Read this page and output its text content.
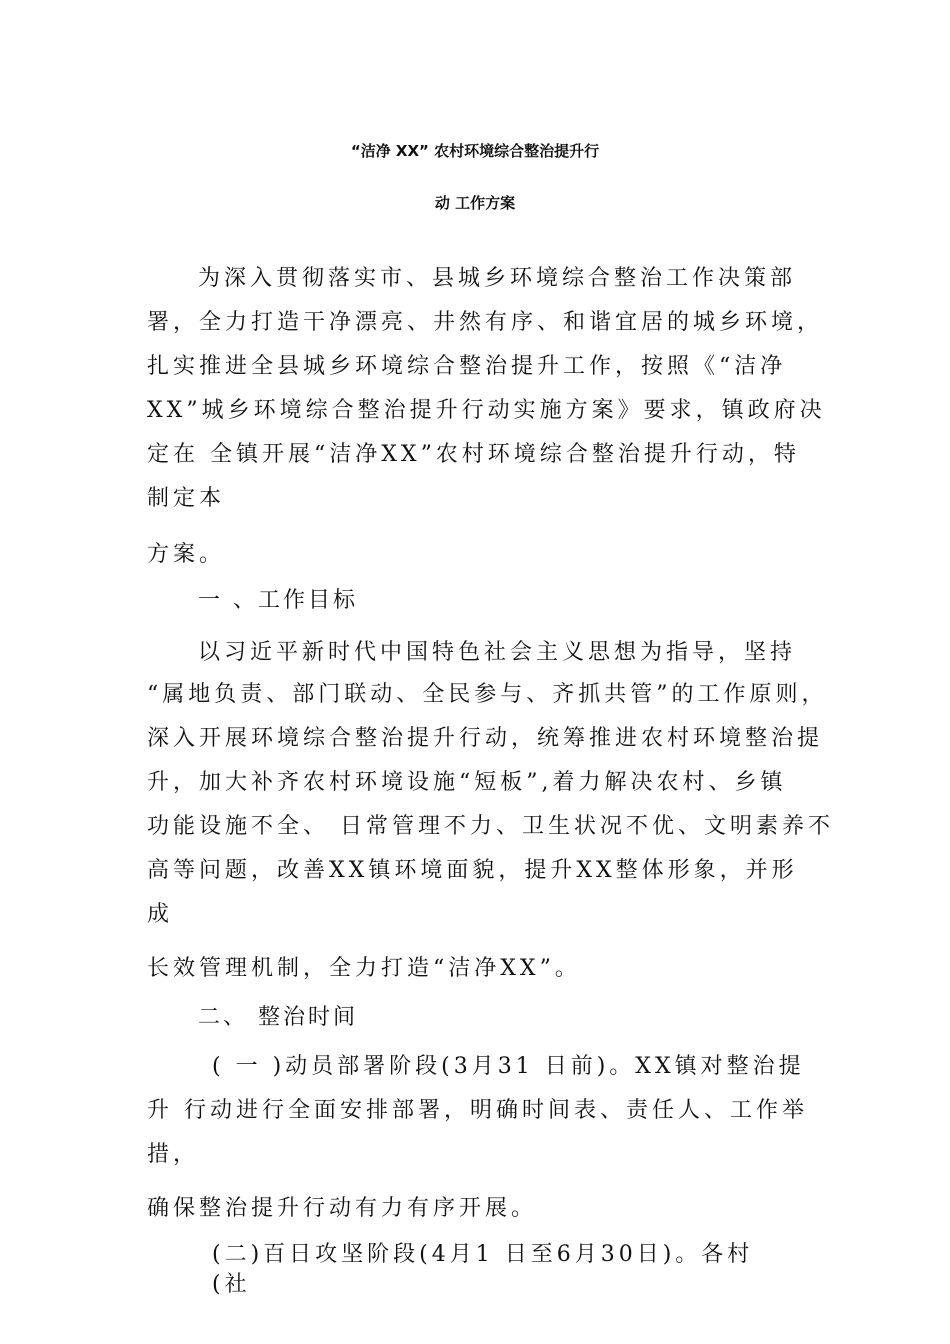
“洁净 XX” 农村环境综合整治提升行
动 工作方案
为深入贯彻落实市、县城乡环境综合整治工作决策部
署，全力打造干净漂亮、井然有序、和谐宜居的城乡环境，
扎实推进全县城乡环境综合整治提升工作，按照《“洁净
XX”城乡环境综合整治提升行动实施方案》要求，镇政府决
定在 全镇开展“洁净XX”农村环境综合整治提升行动，特
制定本
方案。
一 、工作目标
以习近平新时代中国特色社会主义思想为指导，坚持
“属地负责、部门联动、全民参与、齐抓共管”的工作原则，
深入开展环境综合整治提升行动，统筹推进农村环境整治提
升，加大补齐农村环境设施“短板”,着力解决农村、乡镇
功能设施不全、 日常管理不力、卫生状况不优、文明素养不
高等问题，改善XX镇环境面貌，提升XX整体形象，并形
成
长效管理机制，全力打造“洁净XX”。
二、 整治时间
( 一 )动员部署阶段(3月31 日前)。XX镇对整治提
升 行动进行全面安排部署，明确时间表、责任人、工作举
措，
确保整治提升行动有力有序开展。
(二)百日攻坚阶段(4月1 日至6月30日)。各村
(社
